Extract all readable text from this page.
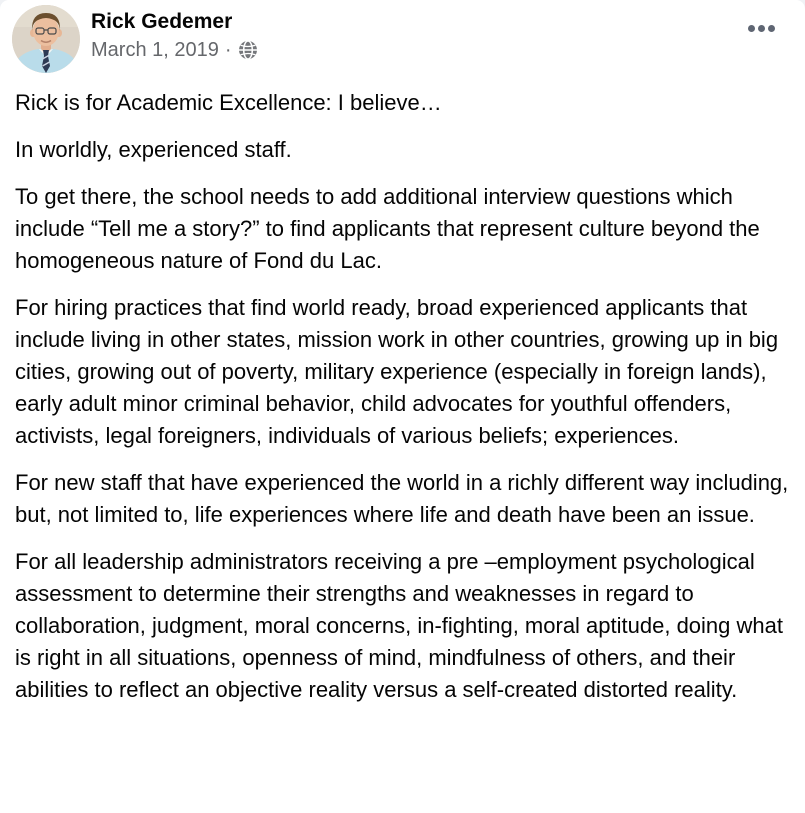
Rick Gedemer
March 1, 2019 ·

Rick is for Academic Excellence: I believe…

In worldly, experienced staff.

To get there, the school needs to add additional interview questions which include “Tell me a story?” to find applicants that represent culture beyond the homogeneous nature of Fond du Lac.

For hiring practices that find world ready, broad experienced applicants that include living in other states, mission work in other countries, growing up in big cities, growing out of poverty, military experience (especially in foreign lands), early adult minor criminal behavior, child advocates for youthful offenders, activists, legal foreigners, individuals of various beliefs; experiences.

For new staff that have experienced the world in a richly different way including, but, not limited to, life experiences where life and death have been an issue.

For all leadership administrators receiving a pre –employment psychological assessment to determine their strengths and weaknesses in regard to collaboration, judgment, moral concerns, in-fighting, moral aptitude, doing what is right in all situations, openness of mind, mindfulness of others, and their abilities to reflect an objective reality versus a self-created distorted reality.
